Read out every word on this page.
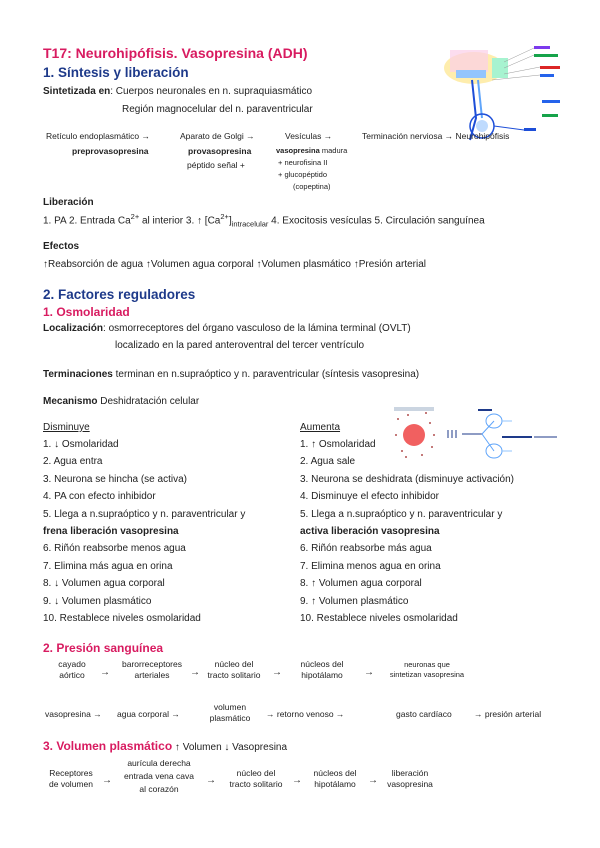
T17: Neurohipófisis. Vasopresina (ADH)
1. Síntesis y liberación
Sintetizada en: Cuerpos neuronales en n. supraquiasmático
Región magnocelular del n. paraventricular
Retículo endoplasmático →
preprovasopresina
Aparato de Golgi →
provasopresina
péptido señal +
Vesículas →
vasopresina madura
+ neurofisina II
+ glucopéptido
(copeptina)
Terminación nerviosa → Neurohipófisis
Liberación
1. PA 2. Entrada $Ca^{2+}$ al interior 3. ↑ $[Ca^{2+}]_{intracelular}$ 4. Exocitosis vesículas 5. Circulación sanguínea
Efectos
↑Reabsorción de agua ↑Volumen agua corporal ↑Volumen plasmático ↑Presión arterial
2. Factores reguladores
1. Osmolaridad
Localización: osmorreceptores del órgano vasculoso de la lámina terminal (OVLT)
localizado en la pared anteroventral del tercer ventrículo
Terminaciones terminan en n.supraóptico y n. paraventricular (síntesis vasopresina)
Mecanismo Deshidratación celular
Disminuye
1. ↓ Osmolaridad
2. Agua entra
3. Neurona se hincha (se activa)
4. PA con efecto inhibidor
5. Llega a n.supraóptico y n. paraventricular y
frena liberación vasopresina
6. Riñón reabsorbe menos agua
7. Elimina más agua en orina
8. ↓ Volumen agua corporal
9. ↓ Volumen plasmático
10. Restablece niveles osmolaridad
Aumenta
1. ↑ Osmolaridad
2. Agua sale
3. Neurona se deshidrata (disminuye activación)
4. Disminuye el efecto inhibidor
5. Llega a n.supraóptico y n. paraventricular y
activa liberación vasopresina
6. Riñón reabsorbe más agua
7. Elimina menos agua en orina
8. ↑ Volumen agua corporal
9. ↑ Volumen plasmático
10. Restablece niveles osmolaridad
2. Presión sanguínea
cayado
aórtico	→
barorreceptores
arteriales	→
núcleo del
tracto solitario	→
núcleos del
hipotálamo	→
neuronas que
sintetizan vasopresina
vasopresina → agua corporal →
volumen
plasmático	→ retorno venoso →	gasto cardíaco	→ presión arterial
3. Volumen plasmático ↑ Volumen ↓ Vasopresina
Receptores
de volumen →
aurícula derecha
entrada vena cava
al corazón
→
núcleo del
tracto solitario →
núcleos del
hipotálamo	→
liberación
vasopresina
